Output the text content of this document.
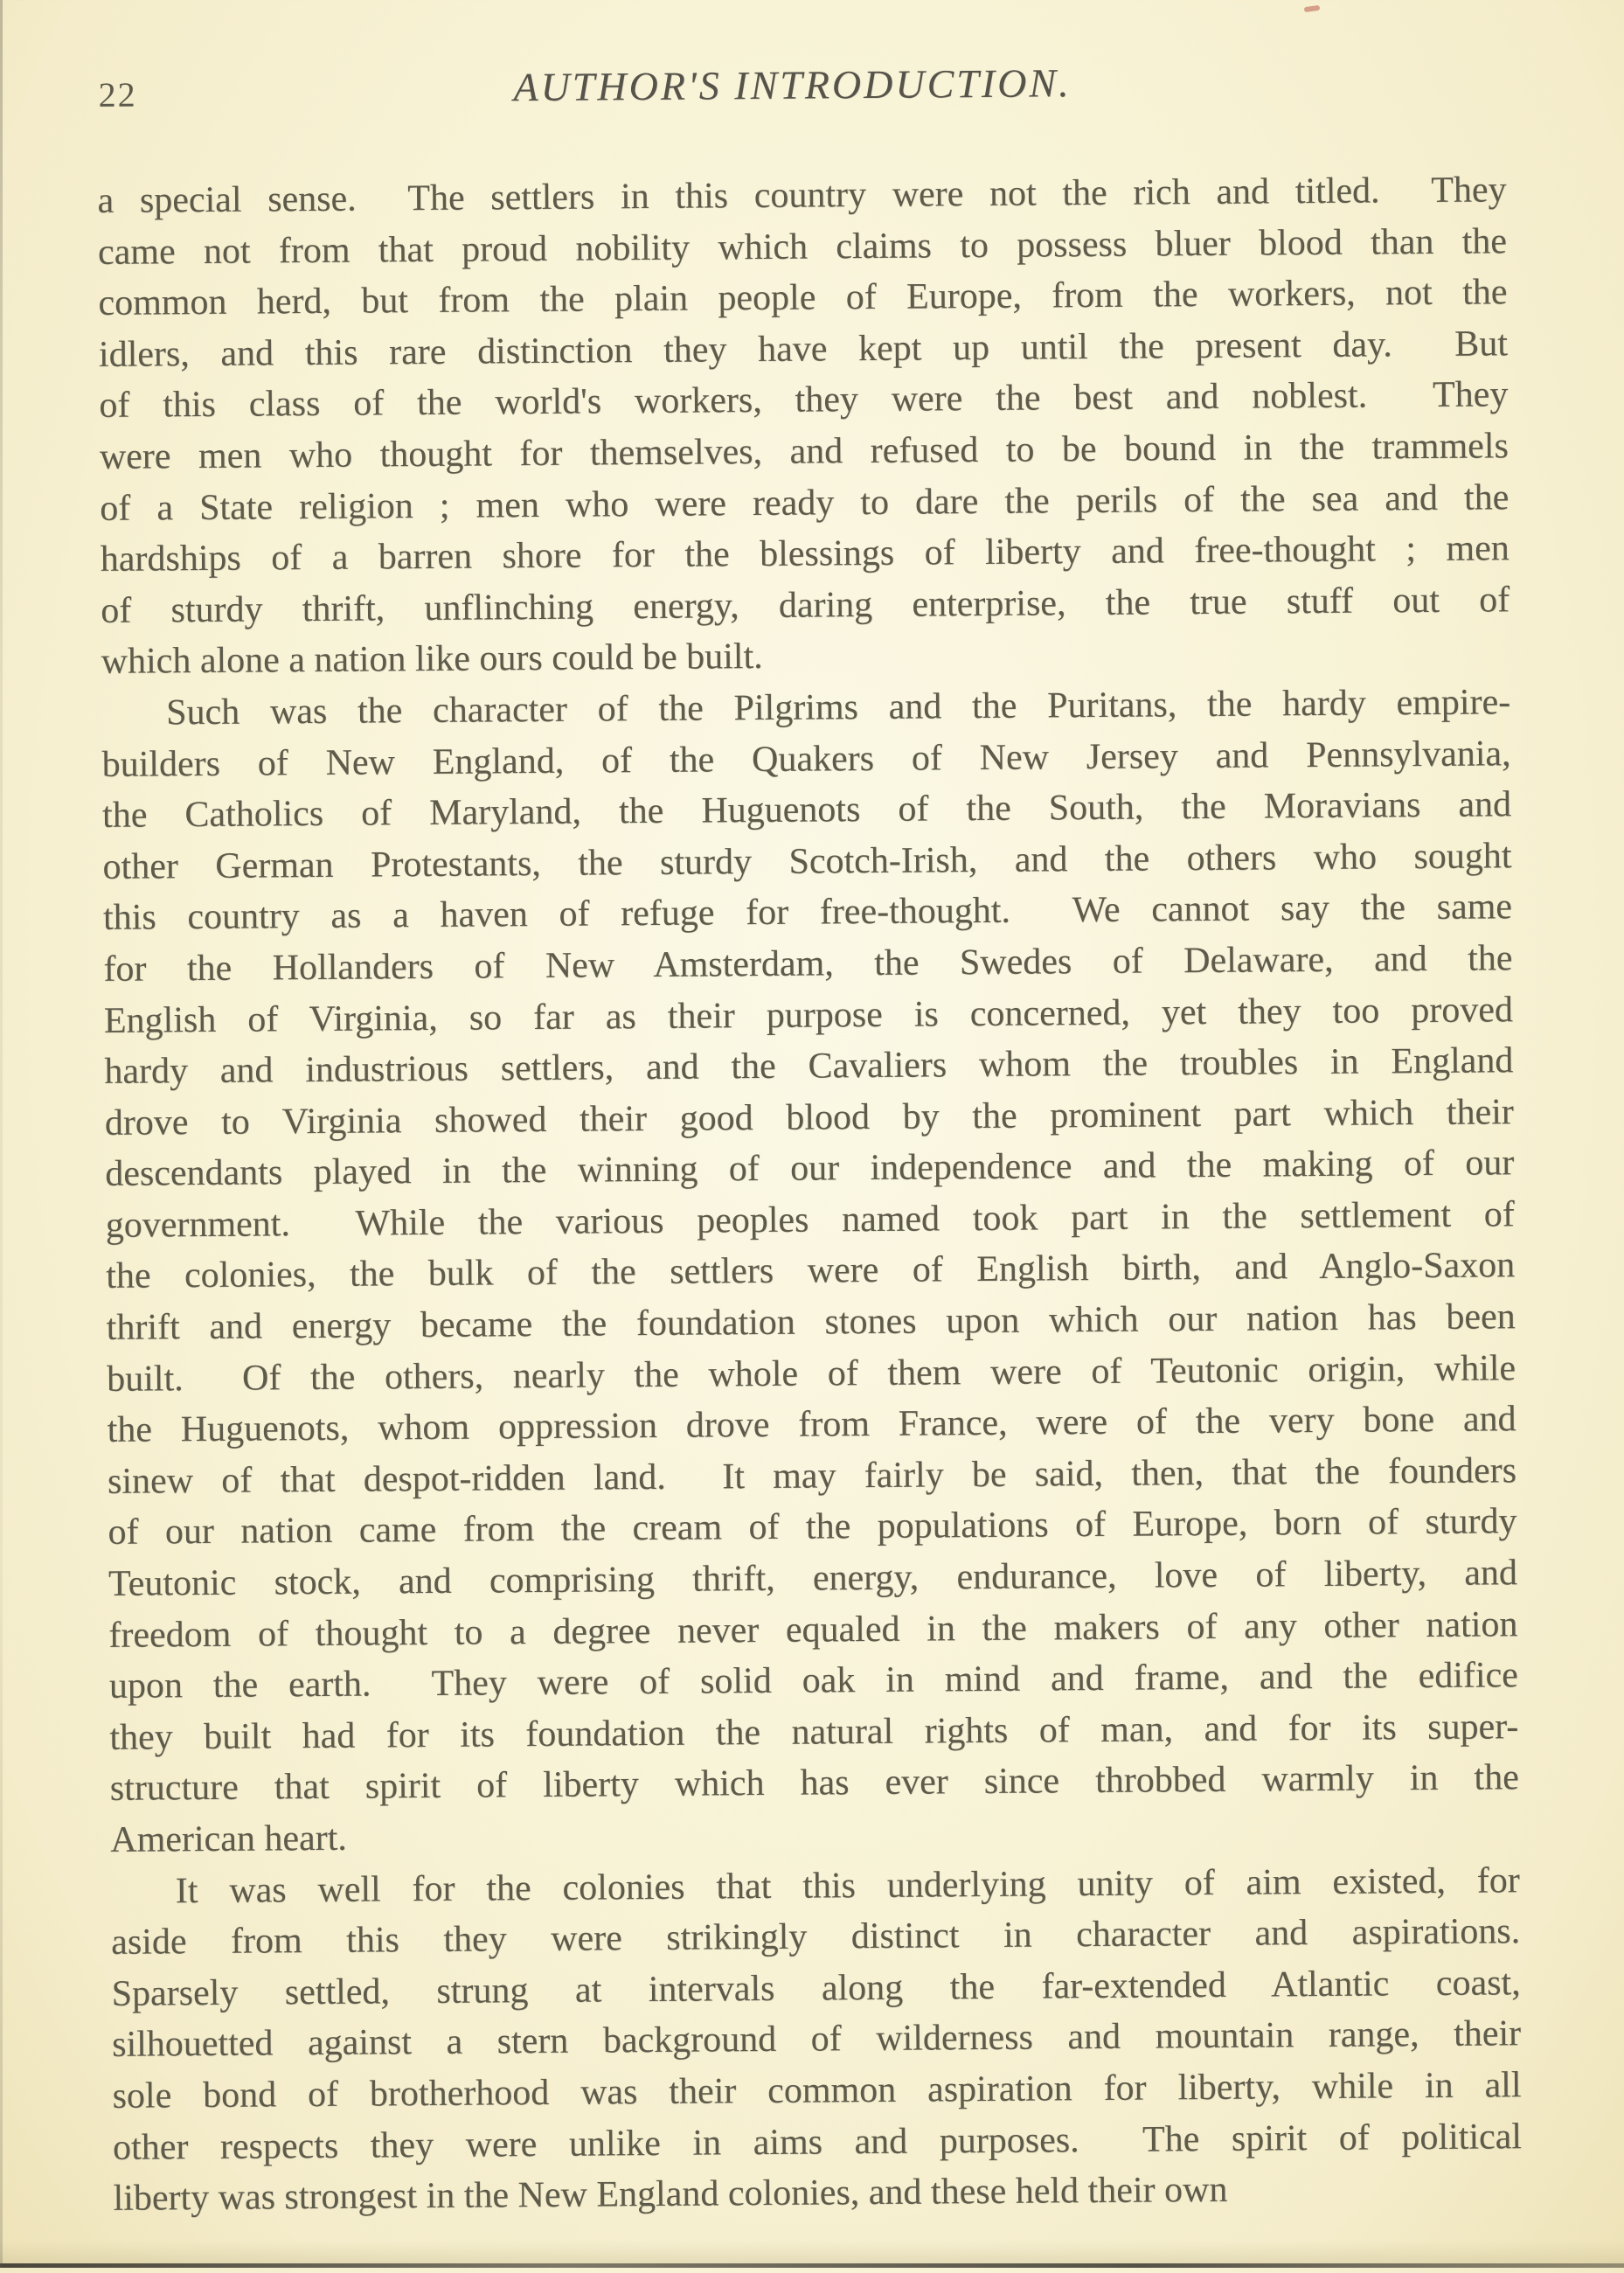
22	AUTHOR'S INTRODUCTION.
a special sense.  The settlers in this country were not the rich and titled.  They
came not from that proud nobility which claims to possess bluer blood than the
common herd, but from the plain people of Europe, from the workers, not the
idlers, and this rare distinction they have kept up until the present day.  But
of this class of the world's workers, they were the best and noblest.  They
were men who thought for themselves, and refused to be bound in the trammels
of a State religion ; men who were ready to dare the perils of the sea and the
hardships of a barren shore for the blessings of liberty and free-thought ; men
of sturdy thrift, unflinching energy, daring enterprise, the true stuff out of
which alone a nation like ours could be built.
Such was the character of the Pilgrims and the Puritans, the hardy empire-
builders of New England, of the Quakers of New Jersey and Pennsylvania,
the Catholics of Maryland, the Huguenots of the South, the Moravians and
other German Protestants, the sturdy Scotch-Irish, and the others who sought
this country as a haven of refuge for free-thought.  We cannot say the same
for the Hollanders of New Amsterdam, the Swedes of Delaware, and the
English of Virginia, so far as their purpose is concerned, yet they too proved
hardy and industrious settlers, and the Cavaliers whom the troubles in England
drove to Virginia showed their good blood by the prominent part which their
descendants played in the winning of our independence and the making of our
government.  While the various peoples named took part in the settlement of
the colonies, the bulk of the settlers were of English birth, and Anglo-Saxon
thrift and energy became the foundation stones upon which our nation has been
built.  Of the others, nearly the whole of them were of Teutonic origin, while
the Huguenots, whom oppression drove from France, were of the very bone and
sinew of that despot-ridden land.  It may fairly be said, then, that the founders
of our nation came from the cream of the populations of Europe, born of sturdy
Teutonic stock, and comprising thrift, energy, endurance, love of liberty, and
freedom of thought to a degree never equaled in the makers of any other nation
upon the earth.  They were of solid oak in mind and frame, and the edifice
they built had for its foundation the natural rights of man, and for its super-
structure that spirit of liberty which has ever since throbbed warmly in the
American heart.
It was well for the colonies that this underlying unity of aim existed, for
aside from this they were strikingly distinct in character and aspirations.
Sparsely settled, strung at intervals along the far-extended Atlantic coast,
silhouetted against a stern background of wilderness and mountain range, their
sole bond of brotherhood was their common aspiration for liberty, while in all
other respects they were unlike in aims and purposes.  The spirit of political
liberty was strongest in the New England colonies, and these held their own
